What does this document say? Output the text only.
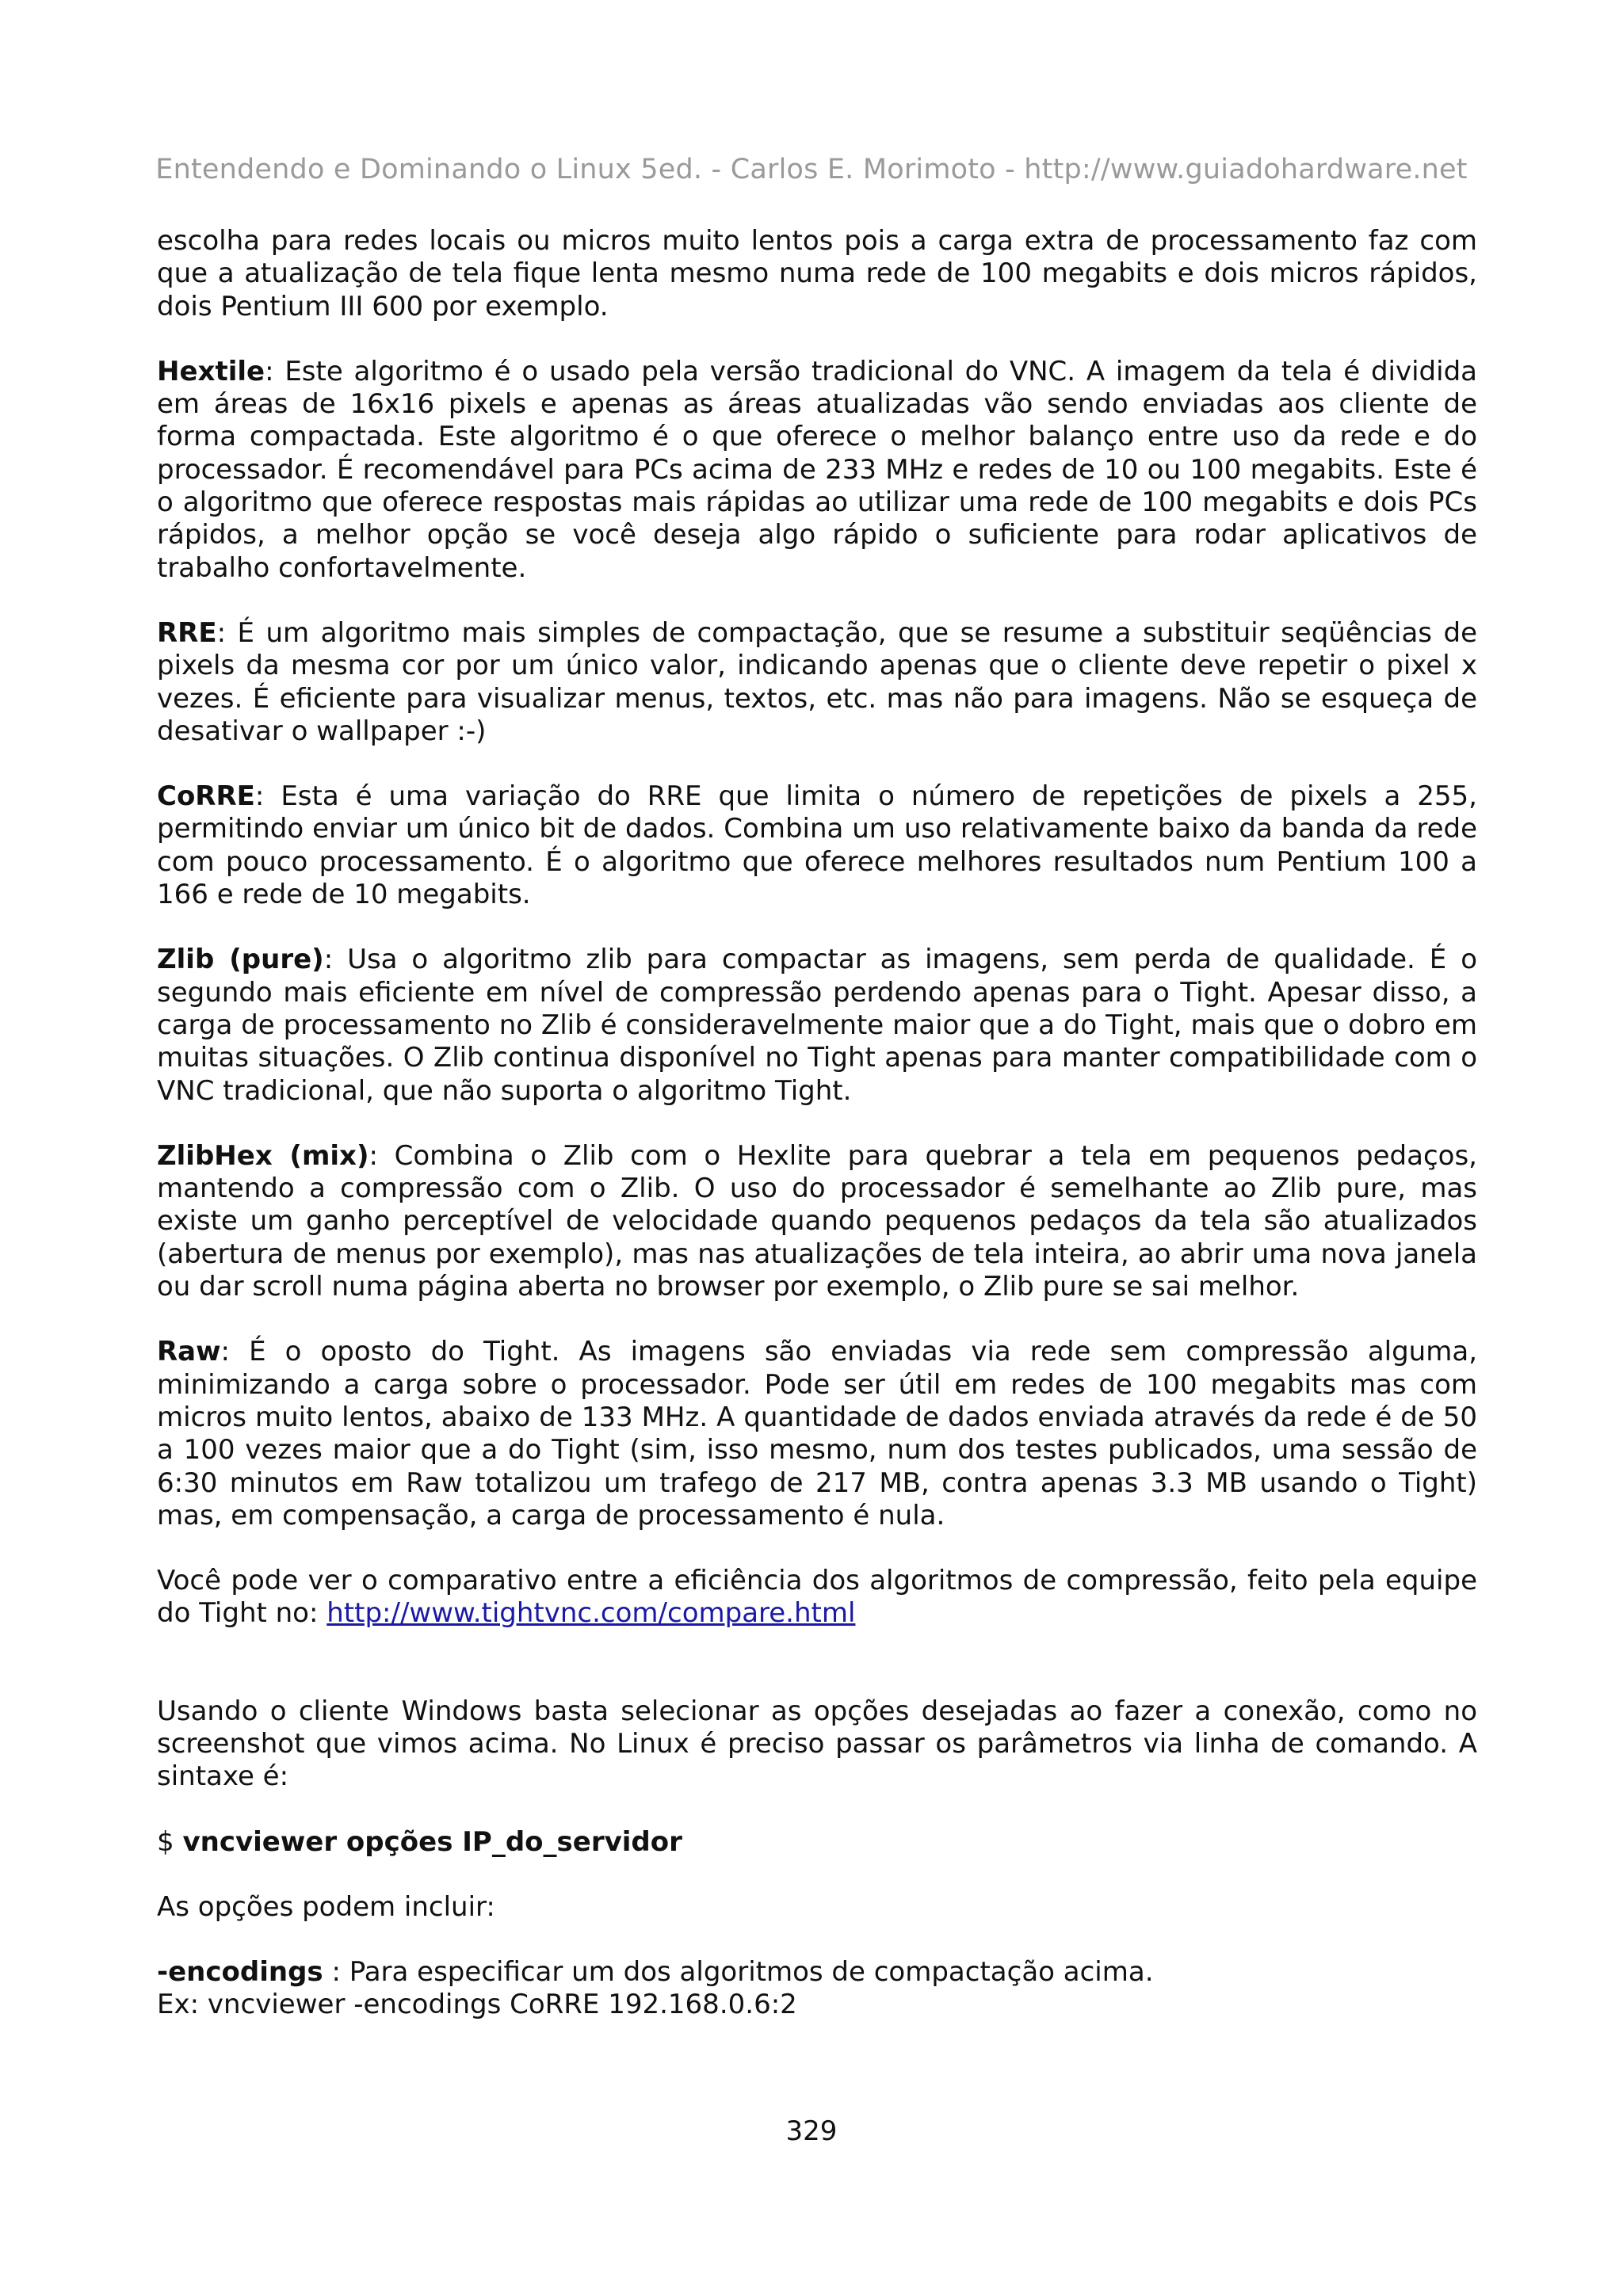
Entendendo e Dominando o Linux 5ed. - Carlos E. Morimoto - http://www.guiadohardware.net

escolha para redes locais ou micros muito lentos pois a carga extra de processamento faz com que a atualização de tela fique lenta mesmo numa rede de 100 megabits e dois micros rápidos, dois Pentium III 600 por exemplo.

Hextile: Este algoritmo é o usado pela versão tradicional do VNC. A imagem da tela é dividida em áreas de 16x16 pixels e apenas as áreas atualizadas vão sendo enviadas aos cliente de forma compactada. Este algoritmo é o que oferece o melhor balanço entre uso da rede e do processador. É recomendável para PCs acima de 233 MHz e redes de 10 ou 100 megabits. Este é o algoritmo que oferece respostas mais rápidas ao utilizar uma rede de 100 megabits e dois PCs rápidos, a melhor opção se você deseja algo rápido o suficiente para rodar aplicativos de trabalho confortavelmente.

RRE: É um algoritmo mais simples de compactação, que se resume a substituir seqüências de pixels da mesma cor por um único valor, indicando apenas que o cliente deve repetir o pixel x vezes. É eficiente para visualizar menus, textos, etc. mas não para imagens. Não se esqueça de desativar o wallpaper :-)

CoRRE: Esta é uma variação do RRE que limita o número de repetições de pixels a 255, permitindo enviar um único bit de dados. Combina um uso relativamente baixo da banda da rede com pouco processamento. É o algoritmo que oferece melhores resultados num Pentium 100 a 166 e rede de 10 megabits.

Zlib (pure): Usa o algoritmo zlib para compactar as imagens, sem perda de qualidade. É o segundo mais eficiente em nível de compressão perdendo apenas para o Tight. Apesar disso, a carga de processamento no Zlib é consideravelmente maior que a do Tight, mais que o dobro em muitas situações. O Zlib continua disponível no Tight apenas para manter compatibilidade com o VNC tradicional, que não suporta o algoritmo Tight.

ZlibHex (mix): Combina o Zlib com o Hexlite para quebrar a tela em pequenos pedaços, mantendo a compressão com o Zlib. O uso do processador é semelhante ao Zlib pure, mas existe um ganho perceptível de velocidade quando pequenos pedaços da tela são atualizados (abertura de menus por exemplo), mas nas atualizações de tela inteira, ao abrir uma nova janela ou dar scroll numa página aberta no browser por exemplo, o Zlib pure se sai melhor.

Raw: É o oposto do Tight. As imagens são enviadas via rede sem compressão alguma, minimizando a carga sobre o processador. Pode ser útil em redes de 100 megabits mas com micros muito lentos, abaixo de 133 MHz. A quantidade de dados enviada através da rede é de 50 a 100 vezes maior que a do Tight (sim, isso mesmo, num dos testes publicados, uma sessão de 6:30 minutos em Raw totalizou um trafego de 217 MB, contra apenas 3.3 MB usando o Tight) mas, em compensação, a carga de processamento é nula.

Você pode ver o comparativo entre a eficiência dos algoritmos de compressão, feito pela equipe do Tight no: http://www.tightvnc.com/compare.html

Usando o cliente Windows basta selecionar as opções desejadas ao fazer a conexão, como no screenshot que vimos acima. No Linux é preciso passar os parâmetros via linha de comando. A sintaxe é:

$ vncviewer opções IP_do_servidor

As opções podem incluir:

-encodings : Para especificar um dos algoritmos de compactação acima.

Ex: vncviewer -encodings CoRRE 192.168.0.6:2

329
